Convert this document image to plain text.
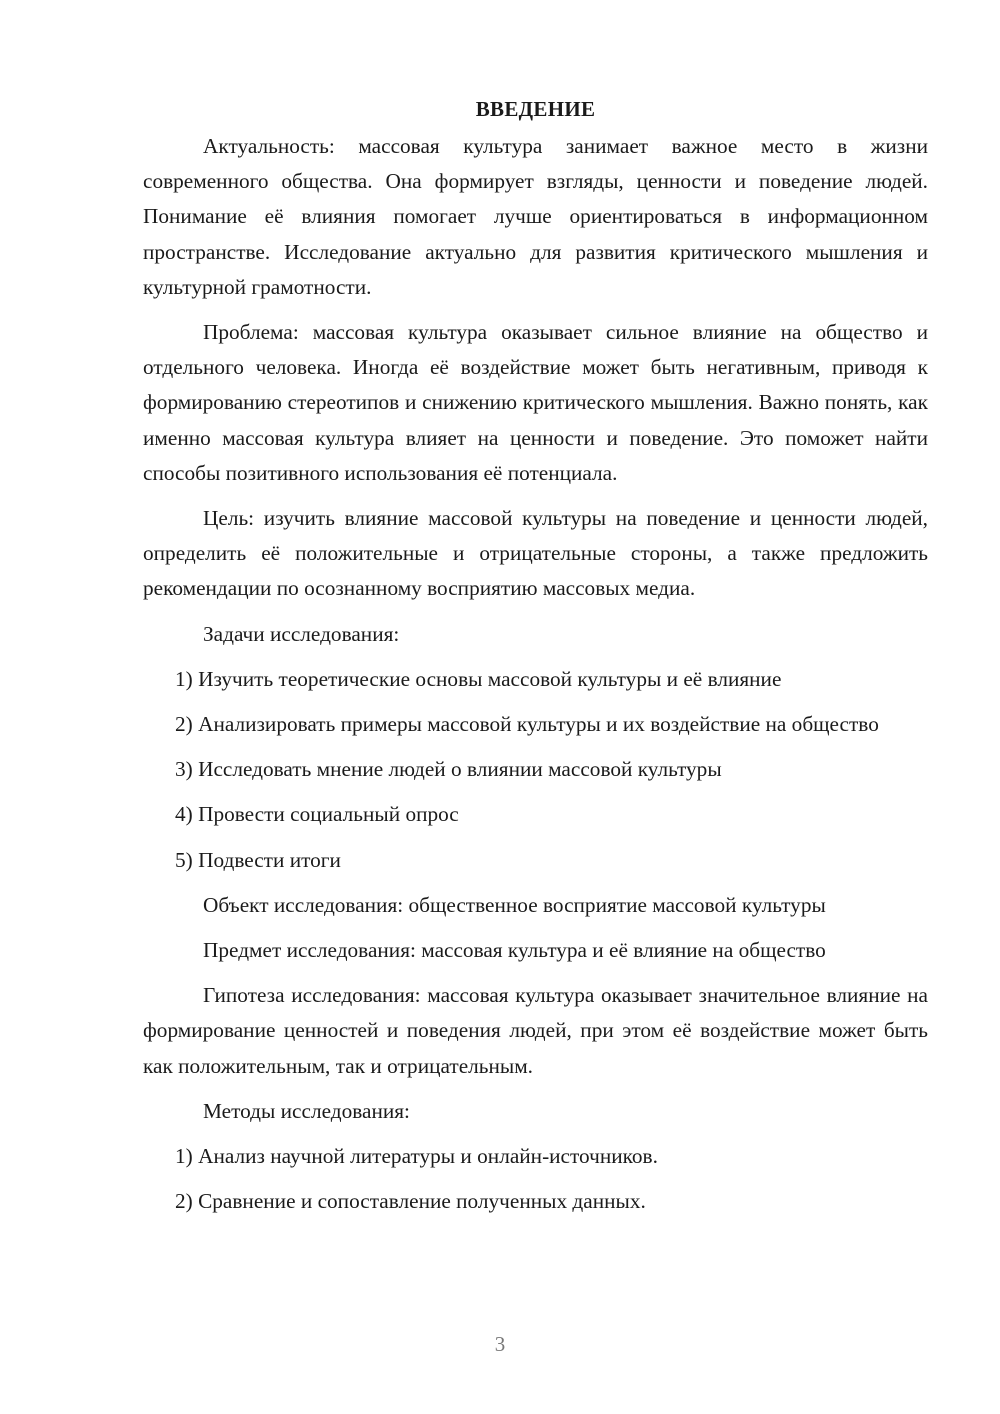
ВВЕДЕНИЕ

Актуальность: массовая культура занимает важное место в жизни современного общества. Она формирует взгляды, ценности и поведение людей. Понимание её влияния помогает лучше ориентироваться в информационном пространстве. Исследование актуально для развития критического мышления и культурной грамотности.

Проблема: массовая культура оказывает сильное влияние на общество и отдельного человека. Иногда её воздействие может быть негативным, приводя к формированию стереотипов и снижению критического мышления. Важно понять, как именно массовая культура влияет на ценности и поведение. Это поможет найти способы позитивного использования её потенциала.

Цель: изучить влияние массовой культуры на поведение и ценности людей, определить её положительные и отрицательные стороны, а также предложить рекомендации по осознанному восприятию массовых медиа.

Задачи исследования:

1) Изучить теоретические основы массовой культуры и её влияние

2) Анализировать примеры массовой культуры и их воздействие на общество

3) Исследовать мнение людей о влиянии массовой культуры

4) Провести социальный опрос

5) Подвести итоги

Объект исследования: общественное восприятие массовой культуры

Предмет исследования: массовая культура и её влияние на общество

Гипотеза исследования: массовая культура оказывает значительное влияние на формирование ценностей и поведения людей, при этом её воздействие может быть как положительным, так и отрицательным.

Методы исследования:

1) Анализ научной литературы и онлайн-источников.

2) Сравнение и сопоставление полученных данных.

3
